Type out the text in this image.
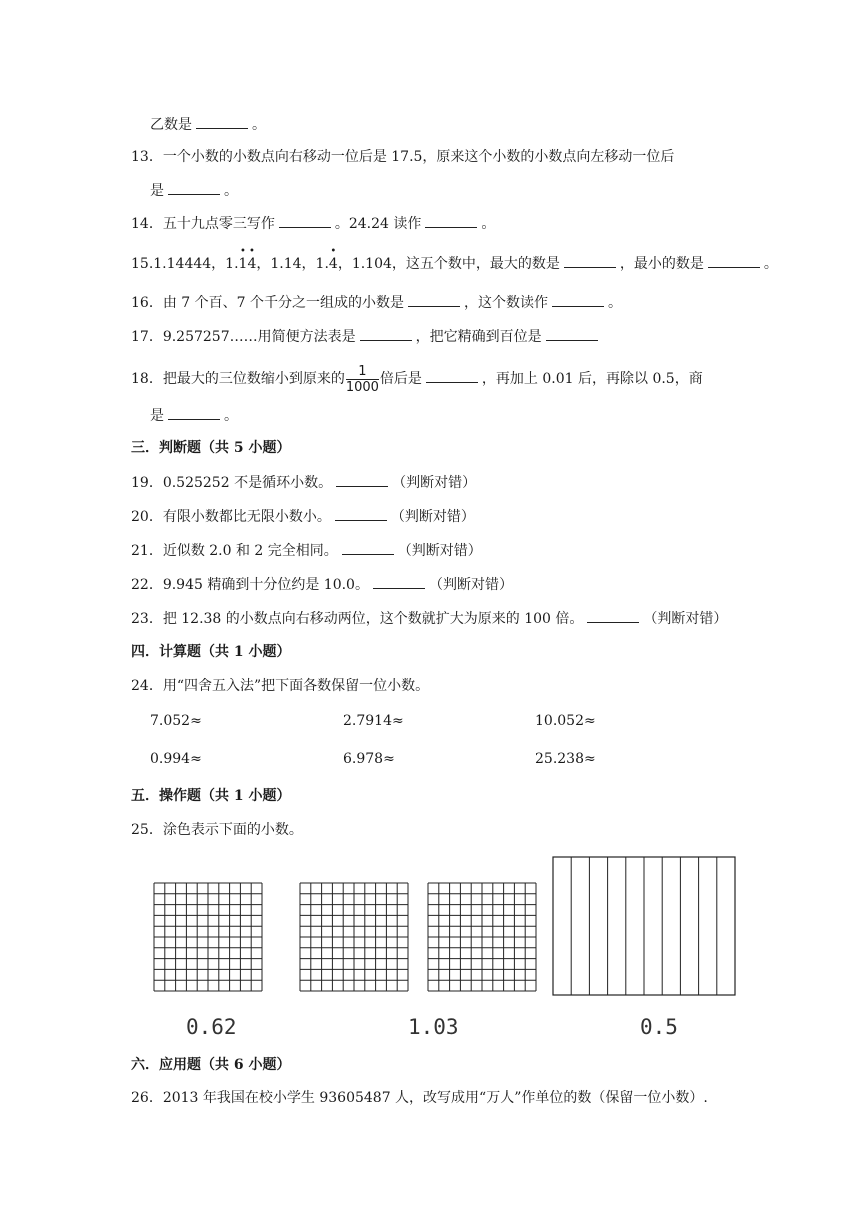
乙数是	。
13．一个小数的小数点向右移动一位后是 17.5，原来这个小数的小数点向左移动一位后
是	。
14．五十九点零三写作	。24.24 读作	。
15.1.14444，1.
•
1
•
4，1.14，1.
•
4，1.104，这五个数中，最大的数是	，最小的数是	。
16．由 7 个百、7 个千分之一组成的小数是	，这个数读作	。
17．9.257257……用简便方法表是	，把它精确到百位是
18．把最大的三位数缩小到原来的 $\frac{1}{1000}$ 倍后是	，再加上 0.01 后，再除以 0.5，商
是	。
三．判断题（共 5 小题）
19．0.525252 不是循环小数。	（判断对错）
20．有限小数都比无限小数小。	（判断对错）
21．近似数 2.0 和 2 完全相同。	（判断对错）
22．9.945 精确到十分位约是 10.0。	（判断对错）
23．把 12.38 的小数点向右移动两位，这个数就扩大为原来的 100 倍。	（判断对错）
四．计算题（共 1 小题）
24．用“四舍五入法”把下面各数保留一位小数。
7.052≈	2.7914≈	10.052≈
0.994≈	6.978≈	25.238≈
五．操作题（共 1 小题）
25．涂色表示下面的小数。
0.62	1.03	0.5
六．应用题（共 6 小题）
26．2013 年我国在校小学生 93605487 人，改写成用“万人”作单位的数（保留一位小数）.
